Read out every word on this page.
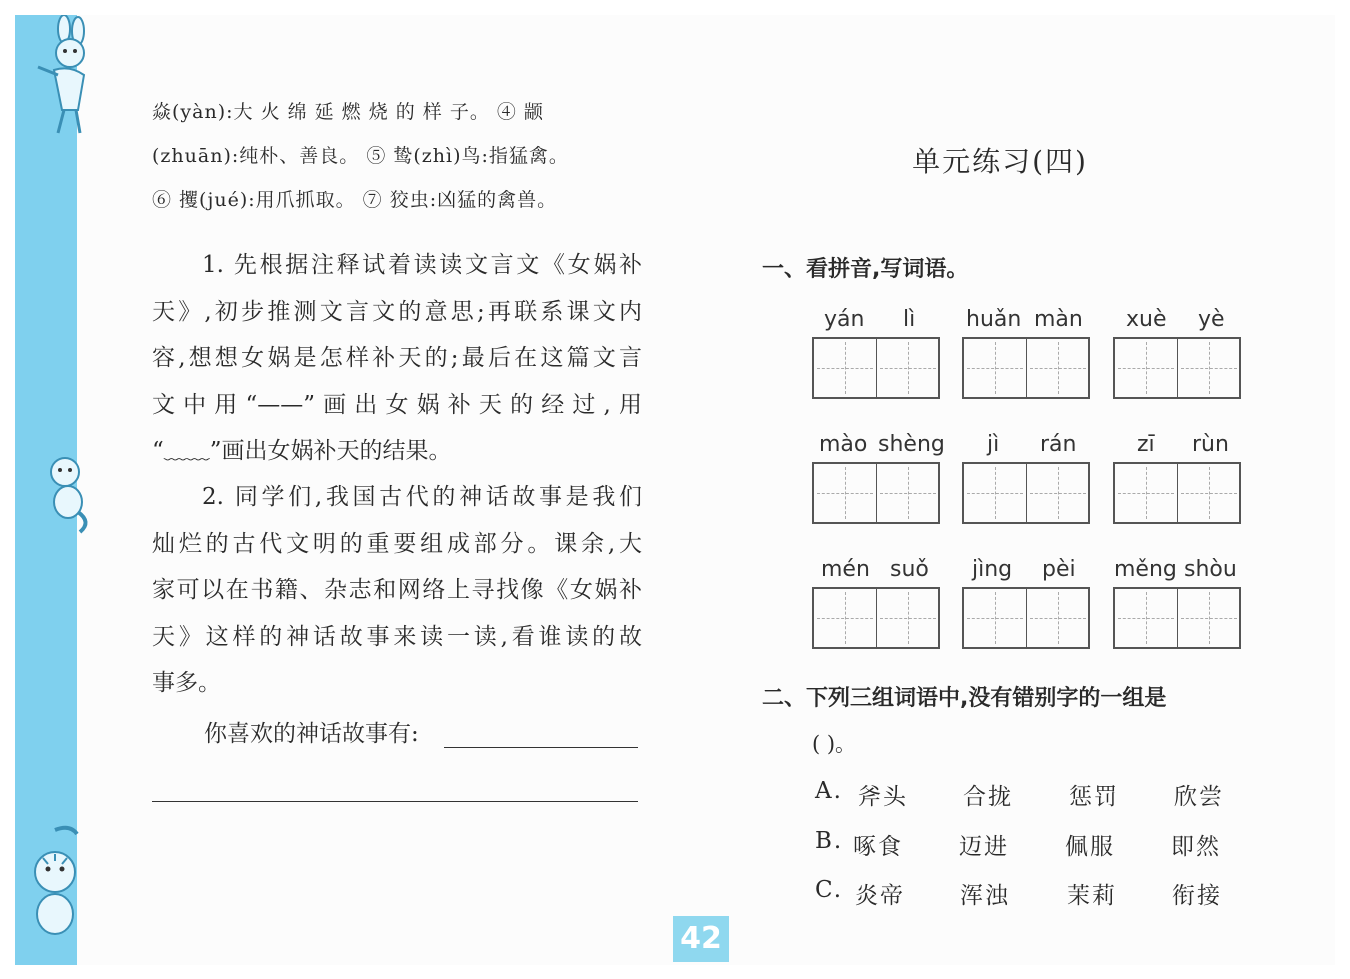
焱(yàn):大 火 绵 延 燃 烧 的 样 子。 ④ 颛
(zhuān):纯朴、善良。 ⑤ 鸷(zhì)鸟:指猛禽。
⑥ 攫(jué):用爪抓取。 ⑦ 狡虫:凶猛的禽兽。
1. 先根据注释试着读读文言文《女娲补
天》,初步推测文言文的意思;再联系课文内
容,想想女娲是怎样补天的;最后在这篇文言
文中用“——”画出女娲补天的经过,用
“﹏﹏”画出女娲补天的结果。
2. 同学们,我国古代的神话故事是我们
灿烂的古代文明的重要组成部分。课余,大
家可以在书籍、杂志和网络上寻找像《女娲补
天》这样的神话故事来读一读,看谁读的故
事多。
你喜欢的神话故事有:
单元练习(四)
一、看拼音,写词语。
yán lì huǎn màn xuè yè
mào shèng jì rán	zī rùn
mén suǒ jìng pèi měng shòu
二、下列三组词语中,没有错别字的一组是
( )。
A. 斧头 合拢 惩罚 欣尝
B. 啄食 迈进 佩服 即然
C. 炎帝 浑浊 茉莉 衔接
42
